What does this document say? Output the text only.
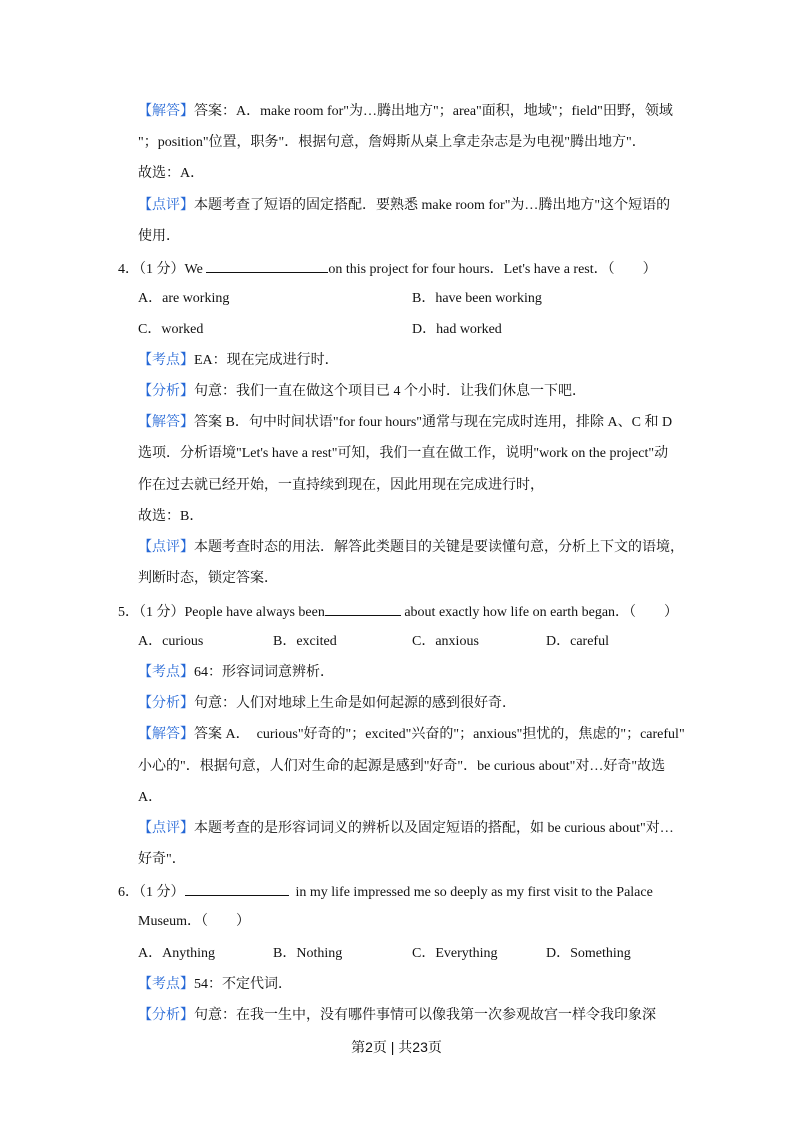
【解答】答案：A．make room for"为…腾出地方"；area"面积，地域"；field"田野，领域
"；position"位置，职务"．根据句意，詹姆斯从桌上拿走杂志是为电视"腾出地方"．
故选：A．
【点评】本题考查了短语的固定搭配．要熟悉 make room for"为…腾出地方"这个短语的
使用．
4．（1 分）We	on this project for four hours．Let's have a rest．（　　）
A．are working	B．have been working
C．worked	D．had worked
【考点】EA：现在完成进行时．
【分析】句意：我们一直在做这个项目已 4 个小时．让我们休息一下吧．
【解答】答案 B．句中时间状语"for four hours"通常与现在完成时连用，排除 A、C 和 D
选项．分析语境"Let's have a rest"可知，我们一直在做工作，说明"work on the project"动
作在过去就已经开始，一直持续到现在，因此用现在完成进行时，
故选：B．
【点评】本题考查时态的用法．解答此类题目的关键是要读懂句意，分析上下文的语境，
判断时态，锁定答案．
5．（1 分）People have always been	about exactly how life on earth began．（　　）
A．curious	B．excited	C．anxious	D．careful
【考点】64：形容词词意辨析．
【分析】句意：人们对地球上生命是如何起源的感到很好奇．
【解答】答案 A．　curious"好奇的"；excited"兴奋的"；anxious"担忧的，焦虑的"；careful"
小心的"．根据句意，人们对生命的起源是感到"好奇"．be curious about"对…好奇"故选
A．
【点评】本题考查的是形容词词义的辨析以及固定短语的搭配，如 be curious about"对…
好奇"．
6．（1 分）	in my life impressed me so deeply as my first visit to the Palace
Museum．（　　）
A．Anything	B．Nothing	C．Everything	D．Something
【考点】54：不定代词．
【分析】句意：在我一生中，没有哪件事情可以像我第一次参观故宫一样令我印象深
第2页 | 共23页
